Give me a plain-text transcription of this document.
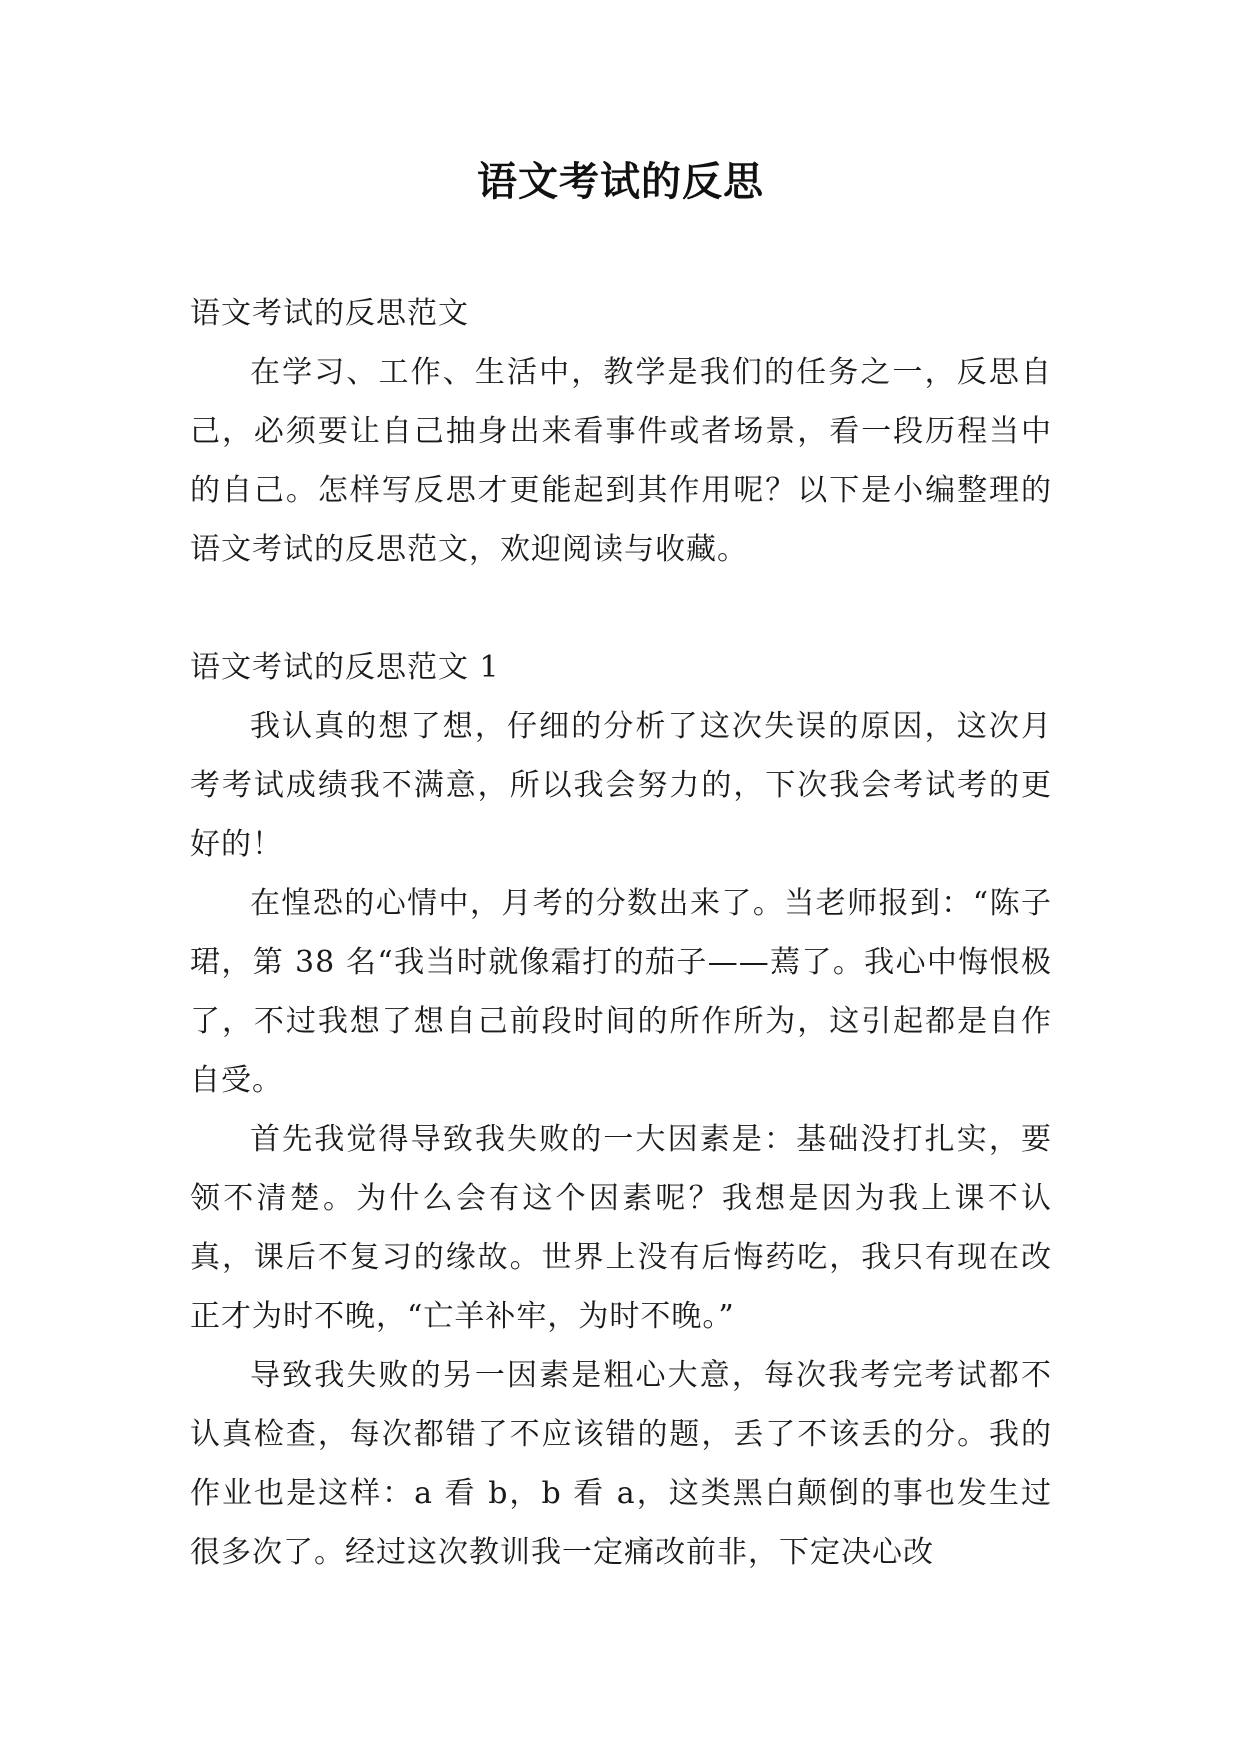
语文考试的反思

语文考试的反思范文

在学习、工作、生活中，教学是我们的任务之一，反思自己，必须要让自己抽身出来看事件或者场景，看一段历程当中的自己。怎样写反思才更能起到其作用呢？以下是小编整理的语文考试的反思范文，欢迎阅读与收藏。

语文考试的反思范文 1

我认真的想了想，仔细的分析了这次失误的原因，这次月考考试成绩我不满意，所以我会努力的，下次我会考试考的更好的！

在惶恐的心情中，月考的分数出来了。当老师报到：“陈子珺，第 38 名“我当时就像霜打的茄子——蔫了。我心中悔恨极了，不过我想了想自己前段时间的所作所为，这引起都是自作自受。

首先我觉得导致我失败的一大因素是：基础没打扎实，要领不清楚。为什么会有这个因素呢？我想是因为我上课不认真，课后不复习的缘故。世界上没有后悔药吃，我只有现在改正才为时不晚，“亡羊补牢，为时不晚。”

导致我失败的另一因素是粗心大意，每次我考完考试都不认真检查，每次都错了不应该错的题，丢了不该丢的分。我的作业也是这样：a 看 b，b 看 a，这类黑白颠倒的事也发生过很多次了。经过这次教训我一定痛改前非，下定决心改
